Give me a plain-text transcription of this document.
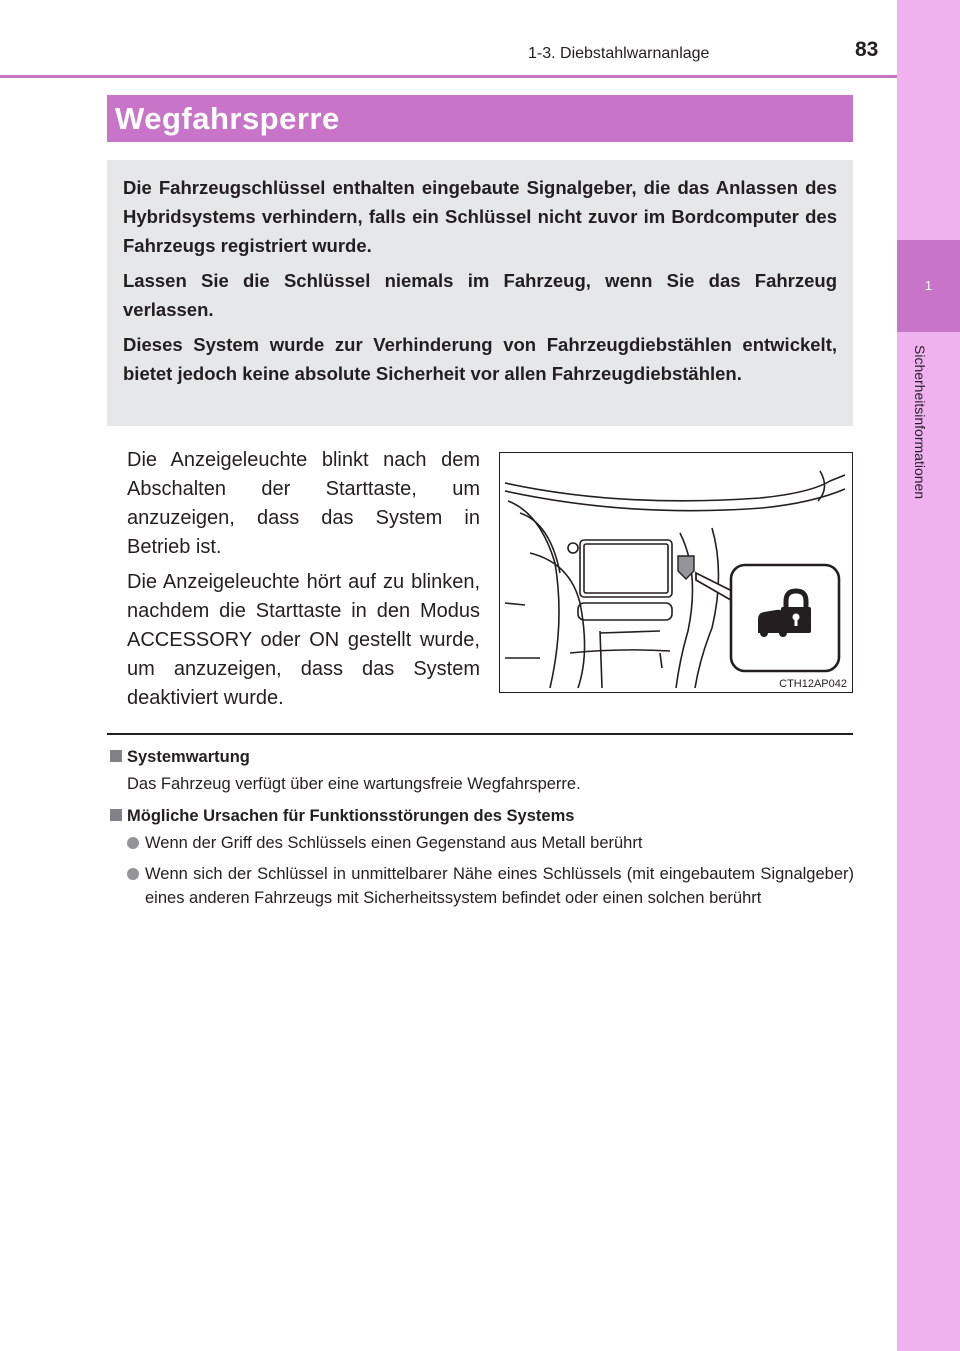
1
Sicherheitsinformationen
1-3. Diebstahlwarnanlage	83
Wegfahrsperre

Die Fahrzeugschlüssel enthalten eingebaute Signalgeber, die das Anlassen des Hybridsystems verhindern, falls ein Schlüssel nicht zuvor im Bordcomputer des Fahrzeugs registriert wurde.

Lassen Sie die Schlüssel niemals im Fahrzeug, wenn Sie das Fahrzeug verlassen.

Dieses System wurde zur Verhinderung von Fahrzeugdiebstählen entwickelt, bietet jedoch keine absolute Sicherheit vor allen Fahrzeugdiebstählen.

Die Anzeigeleuchte blinkt nach dem Abschalten der Starttaste, um anzuzeigen, dass das System in Betrieb ist.

Die Anzeigeleuchte hört auf zu blinken, nachdem die Starttaste in den Modus ACCESSORY oder ON gestellt wurde, um anzuzeigen, dass das System deaktiviert wurde.

CTH12AP042

Systemwartung

Das Fahrzeug verfügt über eine wartungsfreie Wegfahrsperre.

Mögliche Ursachen für Funktionsstörungen des Systems

Wenn der Griff des Schlüssels einen Gegenstand aus Metall berührt
Wenn sich der Schlüssel in unmittelbarer Nähe eines Schlüssels (mit eingebautem Signalgeber) eines anderen Fahrzeugs mit Sicherheitssystem befindet oder einen solchen berührt
